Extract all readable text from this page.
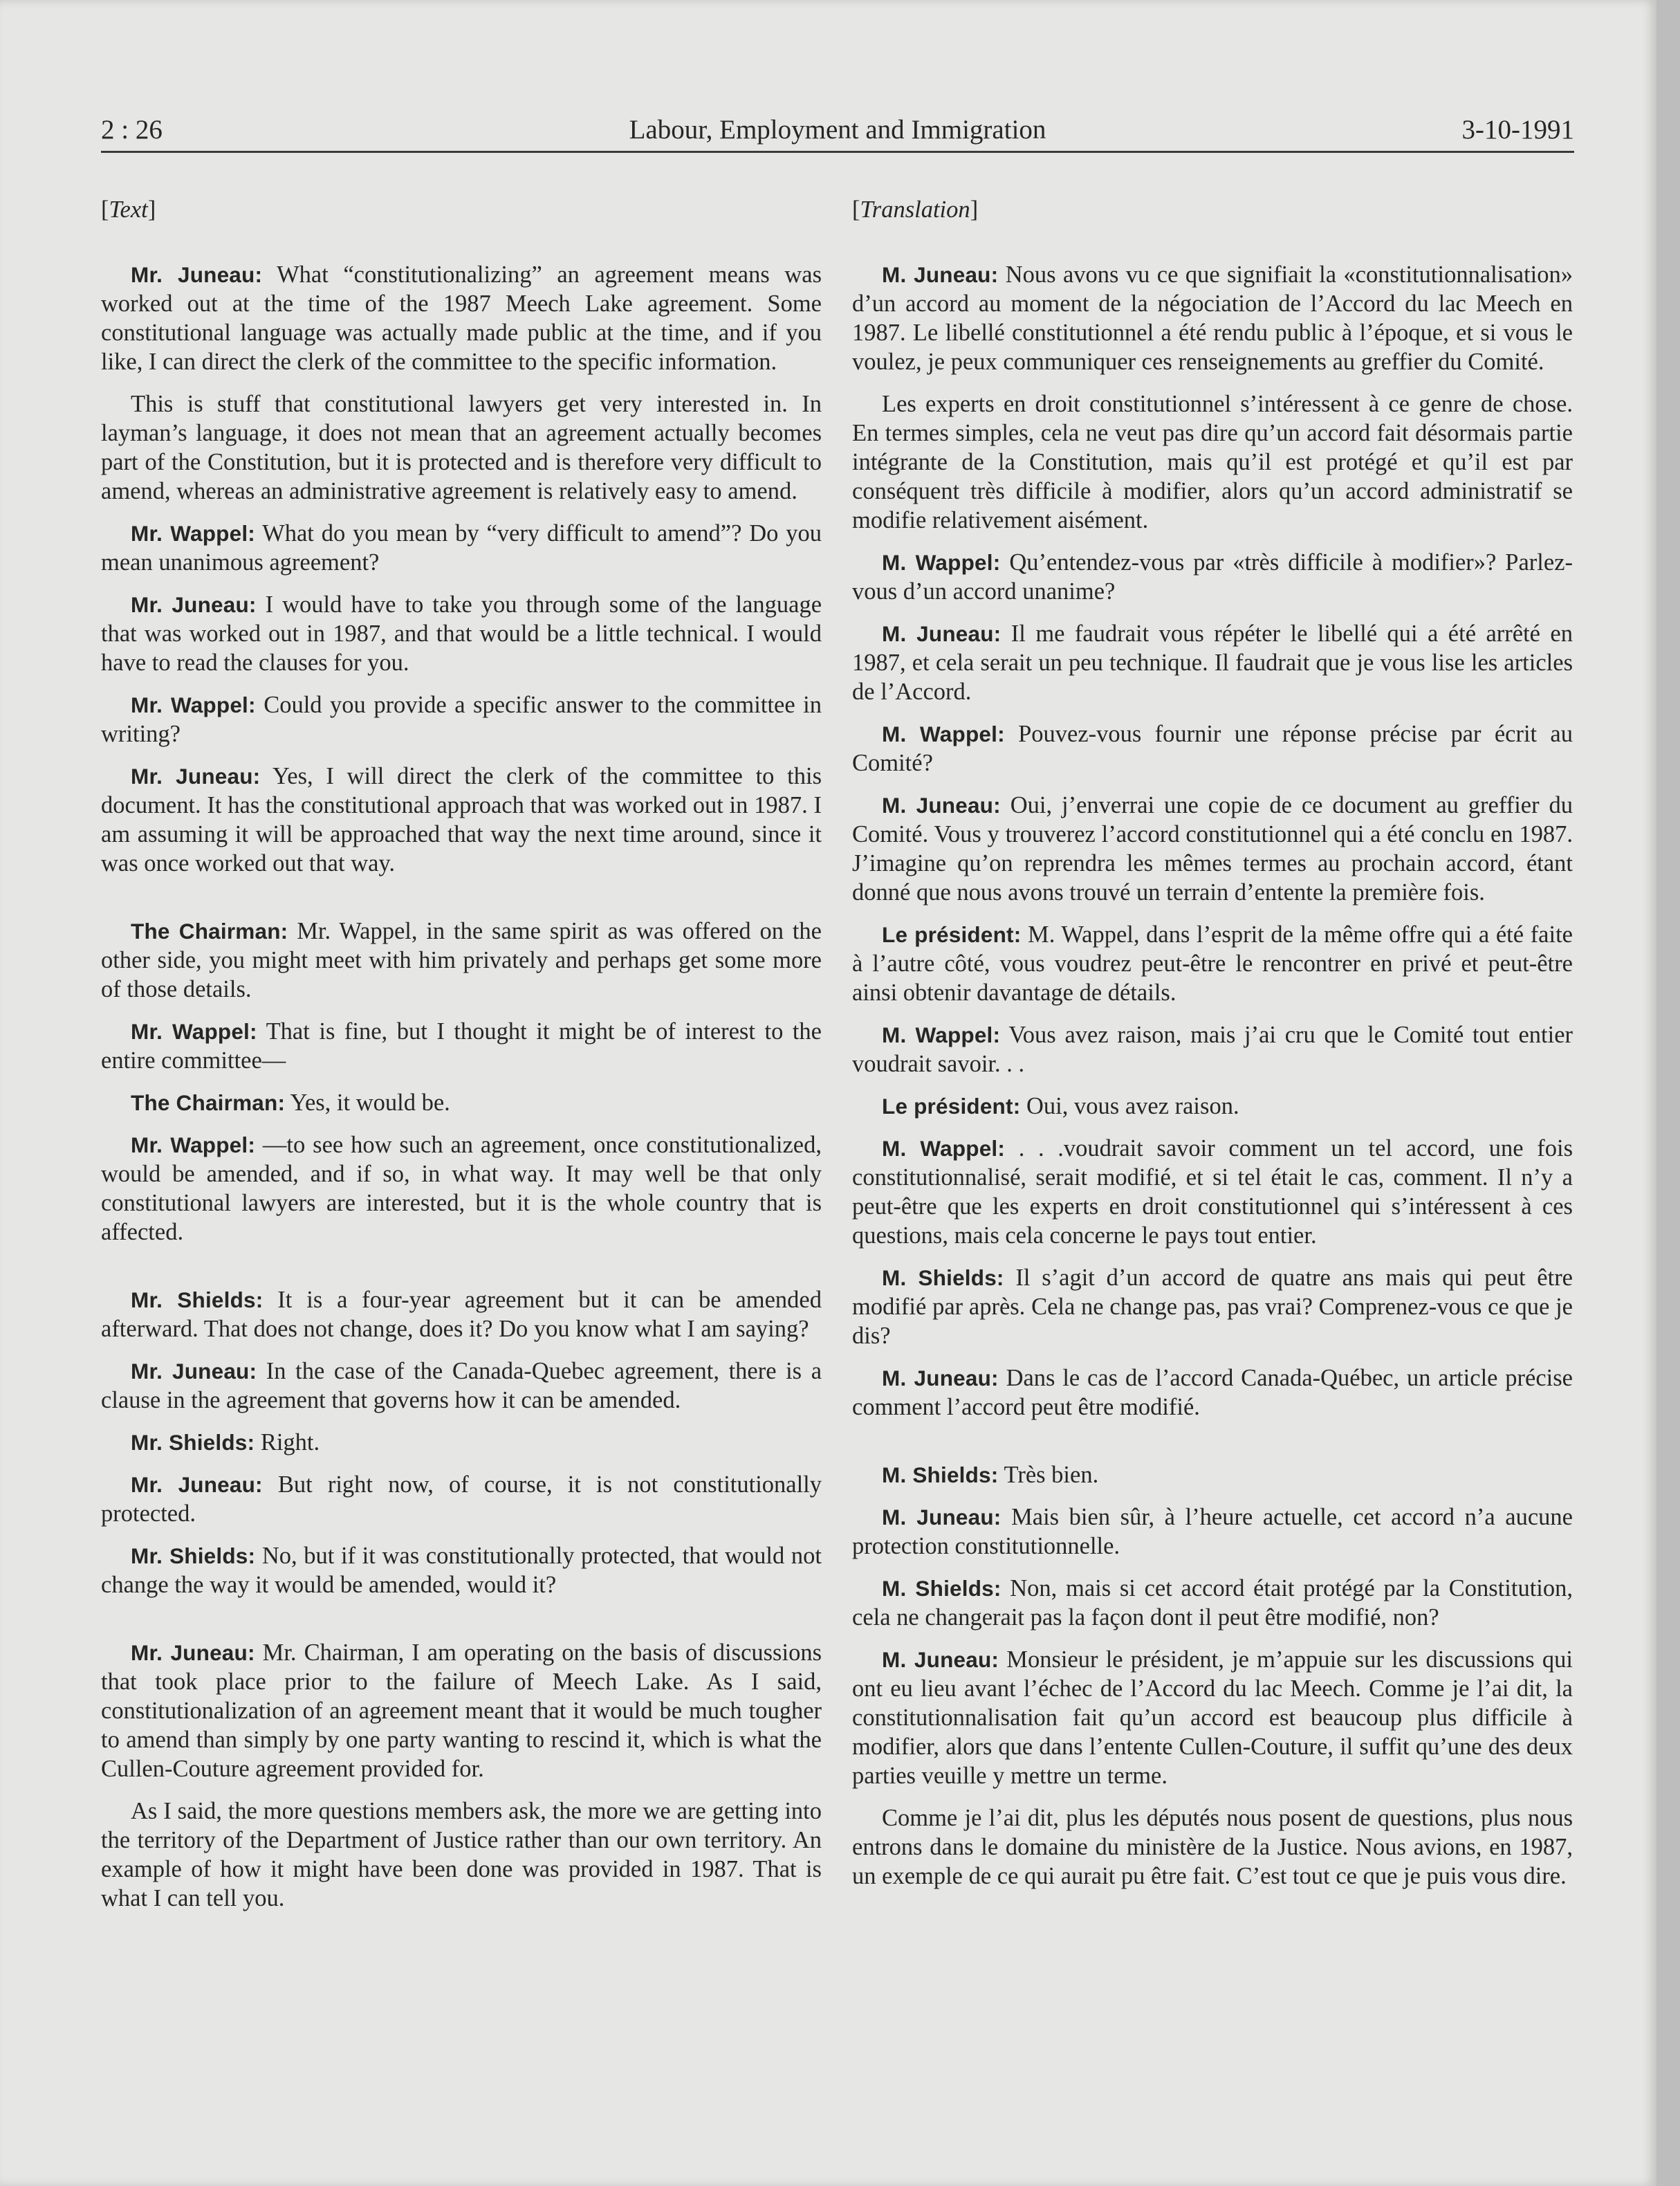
2 : 26	Labour, Employment and Immigration	3-10-1991
[Text]

Mr. Juneau: What “constitutionalizing” an agreement means was worked out at the time of the 1987 Meech Lake agreement. Some constitutional language was actually made public at the time, and if you like, I can direct the clerk of the committee to the specific information.

This is stuff that constitutional lawyers get very interested in. In layman’s language, it does not mean that an agreement actually becomes part of the Constitution, but it is protected and is therefore very difficult to amend, whereas an administrative agreement is relatively easy to amend.

Mr. Wappel: What do you mean by “very difficult to amend”? Do you mean unanimous agreement?

Mr. Juneau: I would have to take you through some of the language that was worked out in 1987, and that would be a little technical. I would have to read the clauses for you.

Mr. Wappel: Could you provide a specific answer to the committee in writing?

Mr. Juneau: Yes, I will direct the clerk of the committee to this document. It has the constitutional approach that was worked out in 1987. I am assuming it will be approached that way the next time around, since it was once worked out that way.

The Chairman: Mr. Wappel, in the same spirit as was offered on the other side, you might meet with him privately and perhaps get some more of those details.

Mr. Wappel: That is fine, but I thought it might be of interest to the entire committee—

The Chairman: Yes, it would be.

Mr. Wappel: —to see how such an agreement, once constitutionalized, would be amended, and if so, in what way. It may well be that only constitutional lawyers are interested, but it is the whole country that is affected.

Mr. Shields: It is a four-year agreement but it can be amended afterward. That does not change, does it? Do you know what I am saying?

Mr. Juneau: In the case of the Canada-Quebec agreement, there is a clause in the agreement that governs how it can be amended.

Mr. Shields: Right.

Mr. Juneau: But right now, of course, it is not constitutionally protected.

Mr. Shields: No, but if it was constitutionally protected, that would not change the way it would be amended, would it?

Mr. Juneau: Mr. Chairman, I am operating on the basis of discussions that took place prior to the failure of Meech Lake. As I said, constitutionalization of an agreement meant that it would be much tougher to amend than simply by one party wanting to rescind it, which is what the Cullen-Couture agreement provided for.

As I said, the more questions members ask, the more we are getting into the territory of the Department of Justice rather than our own territory. An example of how it might have been done was provided in 1987. That is what I can tell you.

[Translation]

M. Juneau: Nous avons vu ce que signifiait la «constitutionnalisation» d’un accord au moment de la négociation de l’Accord du lac Meech en 1987. Le libellé constitutionnel a été rendu public à l’époque, et si vous le voulez, je peux communiquer ces renseignements au greffier du Comité.

Les experts en droit constitutionnel s’intéressent à ce genre de chose. En termes simples, cela ne veut pas dire qu’un accord fait désormais partie intégrante de la Constitution, mais qu’il est protégé et qu’il est par conséquent très difficile à modifier, alors qu’un accord administratif se modifie relativement aisément.

M. Wappel: Qu’entendez-vous par «très difficile à modifier»? Parlez-vous d’un accord unanime?

M. Juneau: Il me faudrait vous répéter le libellé qui a été arrêté en 1987, et cela serait un peu technique. Il faudrait que je vous lise les articles de l’Accord.

M. Wappel: Pouvez-vous fournir une réponse précise par écrit au Comité?

M. Juneau: Oui, j’enverrai une copie de ce document au greffier du Comité. Vous y trouverez l’accord constitutionnel qui a été conclu en 1987. J’imagine qu’on reprendra les mêmes termes au prochain accord, étant donné que nous avons trouvé un terrain d’entente la première fois.

Le président: M. Wappel, dans l’esprit de la même offre qui a été faite à l’autre côté, vous voudrez peut-être le rencontrer en privé et peut-être ainsi obtenir davantage de détails.

M. Wappel: Vous avez raison, mais j’ai cru que le Comité tout entier voudrait savoir. . .

Le président: Oui, vous avez raison.

M. Wappel: . . .voudrait savoir comment un tel accord, une fois constitutionnalisé, serait modifié, et si tel était le cas, comment. Il n’y a peut-être que les experts en droit constitutionnel qui s’intéressent à ces questions, mais cela concerne le pays tout entier.

M. Shields: Il s’agit d’un accord de quatre ans mais qui peut être modifié par après. Cela ne change pas, pas vrai? Comprenez-vous ce que je dis?

M. Juneau: Dans le cas de l’accord Canada-Québec, un article précise comment l’accord peut être modifié.

M. Shields: Très bien.

M. Juneau: Mais bien sûr, à l’heure actuelle, cet accord n’a aucune protection constitutionnelle.

M. Shields: Non, mais si cet accord était protégé par la Constitution, cela ne changerait pas la façon dont il peut être modifié, non?

M. Juneau: Monsieur le président, je m’appuie sur les discussions qui ont eu lieu avant l’échec de l’Accord du lac Meech. Comme je l’ai dit, la constitutionnalisation fait qu’un accord est beaucoup plus difficile à modifier, alors que dans l’entente Cullen-Couture, il suffit qu’une des deux parties veuille y mettre un terme.

Comme je l’ai dit, plus les députés nous posent de questions, plus nous entrons dans le domaine du ministère de la Justice. Nous avions, en 1987, un exemple de ce qui aurait pu être fait. C’est tout ce que je puis vous dire.
